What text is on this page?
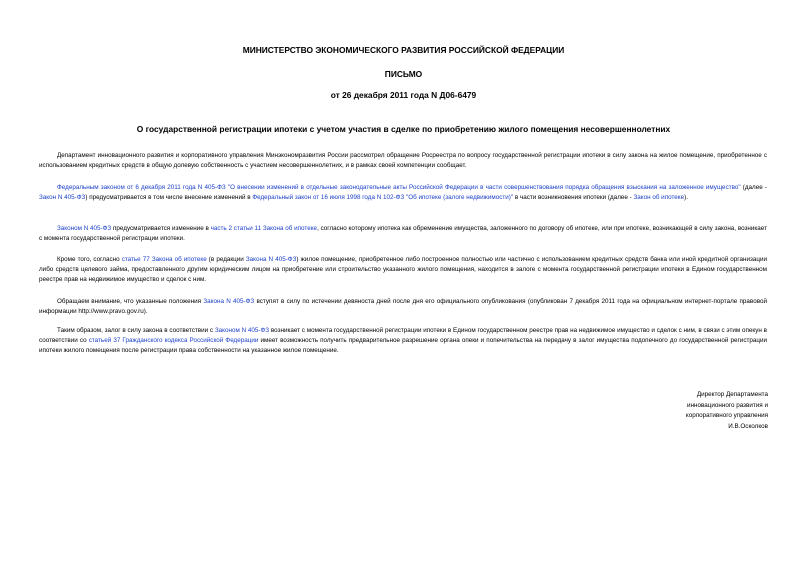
МИНИСТЕРСТВО ЭКОНОМИЧЕСКОГО РАЗВИТИЯ РОССИЙСКОЙ ФЕДЕРАЦИИ
ПИСЬМО
от 26 декабря 2011 года N Д06-6479
О государственной регистрации ипотеки с учетом участия в сделке по приобретению жилого помещения несовершеннолетних

Департамент инновационного развития и корпоративного управления Минэкономразвития России рассмотрел обращение Росреестра по вопросу государственной регистрации ипотеки в силу закона на жилое помещение, приобретенное с использованием кредитных средств в общую долевую собственность с участием несовершеннолетних, и в рамках своей компетенции сообщает.

Федеральным законом от 6 декабря 2011 года N 405-ФЗ "О внесении изменений в отдельные законодательные акты Российской Федерации в части совершенствования порядка обращения взыскания на заложенное имущество" (далее - Закон N 405-ФЗ) предусматривается в том числе внесение изменений в Федеральный закон от 16 июля 1998 года N 102-ФЗ "Об ипотеке (залоге недвижимости)" в части возникновения ипотеки (далее - Закон об ипотеке).

Законом N 405-ФЗ предусматривается изменение в часть 2 статьи 11 Закона об ипотеке, согласно которому ипотека как обременение имущества, заложенного по договору об ипотеке, или при ипотеке, возникающей в силу закона, возникает с момента государственной регистрации ипотеки.

Кроме того, согласно статье 77 Закона об ипотеке (в редакции Закона N 405-ФЗ) жилое помещение, приобретенное либо построенное полностью или частично с использованием кредитных средств банка или иной кредитной организации либо средств целевого займа, предоставленного другим юридическим лицом на приобретение или строительство указанного жилого помещения, находится в залоге с момента государственной регистрации ипотеки в Едином государственном реестре прав на недвижимое имущество и сделок с ним.

Обращаем внимание, что указанные положения Закона N 405-ФЗ вступят в силу по истечении девяноста дней после дня его официального опубликования (опубликован 7 декабря 2011 года на официальном интернет-портале правовой информации http://www.pravo.gov.ru).

Таким образом, залог в силу закона в соответствии с Законом N 405-ФЗ возникает с момента государственной регистрации ипотеки в Едином государственном реестре прав на недвижимое имущество и сделок с ним, в связи с этим опекун в соответствии со статьей 37 Гражданского кодекса Российской Федерации имеет возможность получить предварительное разрешение органа опеки и попечительства на передачу в залог имущества подопечного до государственной регистрации ипотеки жилого помещения после регистрации права собственности на указанное жилое помещение.

Директор Департамента
инновационного развития и
корпоративного управления
И.В.Осколков
